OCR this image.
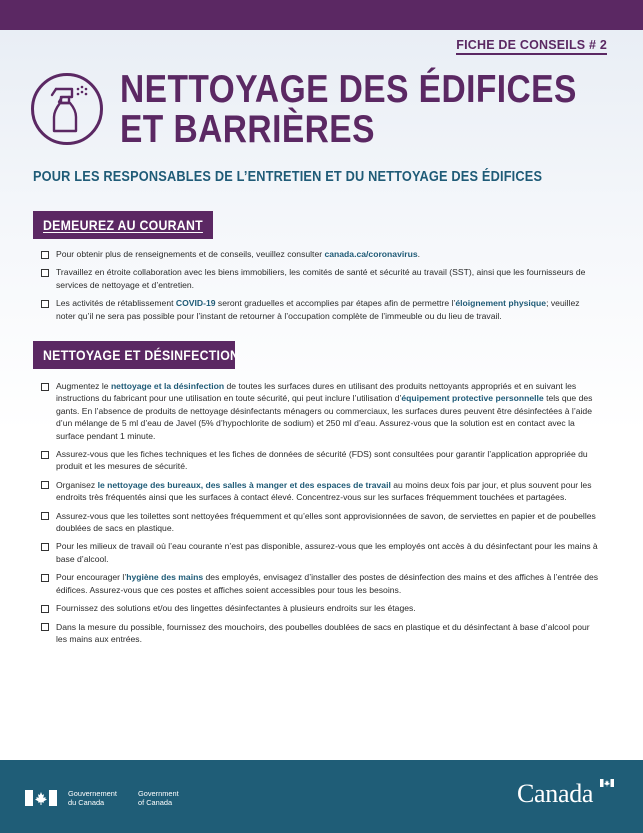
FICHE DE CONSEILS # 2
NETTOYAGE DES ÉDIFICES
ET BARRIÈRES
POUR LES RESPONSABLES DE L’ENTRETIEN ET DU NETTOYAGE DES ÉDIFICES
DEMEUREZ AU COURANT
Pour obtenir plus de renseignements et de conseils, veuillez consulter canada.ca/coronavirus.
Travaillez en étroite collaboration avec les biens immobiliers, les comités de santé et sécurité au travail (SST), ainsi que les fournisseurs de services de nettoyage et d’entretien.
Les activités de rétablissement COVID-19 seront graduelles et accomplies par étapes afin de permettre l’éloignement physique; veuillez noter qu’il ne sera pas possible pour l’instant de retourner à l’occupation complète de l’immeuble ou du lieu de travail.
NETTOYAGE ET DÉSINFECTION
Augmentez le nettoyage et la désinfection de toutes les surfaces dures en utilisant des produits nettoyants appropriés et en suivant les instructions du fabricant pour une utilisation en toute sécurité, qui peut inclure l’utilisation d’équipement protective personnelle tels que des gants. En l’absence de produits de nettoyage désinfectants ménagers ou commerciaux, les surfaces dures peuvent être désinfectées à l’aide d’un mélange de 5 ml d’eau de Javel (5% d’hypochlorite de sodium) et 250 ml d’eau. Assurez-vous que la solution est en contact avec la surface pendant 1 minute.
Assurez-vous que les fiches techniques et les fiches de données de sécurité (FDS) sont consultées pour garantir l’application appropriée du produit et les mesures de sécurité.
Organisez le nettoyage des bureaux, des salles à manger et des espaces de travail au moins deux fois par jour, et plus souvent pour les endroits très fréquentés ainsi que les surfaces à contact élevé. Concentrez-vous sur les surfaces fréquemment touchées et partagées.
Assurez-vous que les toilettes sont nettoyées fréquemment et qu’elles sont approvisionnées de savon, de serviettes en papier et de poubelles doublées de sacs en plastique.
Pour les milieux de travail où l’eau courante n’est pas disponible, assurez-vous que les employés ont accès à du désinfectant pour les mains à base d’alcool.
Pour encourager l’hygiène des mains des employés, envisagez d’installer des postes de désinfection des mains et des affiches à l’entrée des édifices. Assurez-vous que ces postes et affiches soient accessibles pour tous les besoins.
Fournissez des solutions et/ou des lingettes désinfectantes à plusieurs endroits sur les étages.
Dans la mesure du possible, fournissez des mouchoirs, des poubelles doublées de sacs en plastique et du désinfectant à base d’alcool pour les mains aux entrées.
Gouvernement
du Canada
Government
of Canada	Canada
